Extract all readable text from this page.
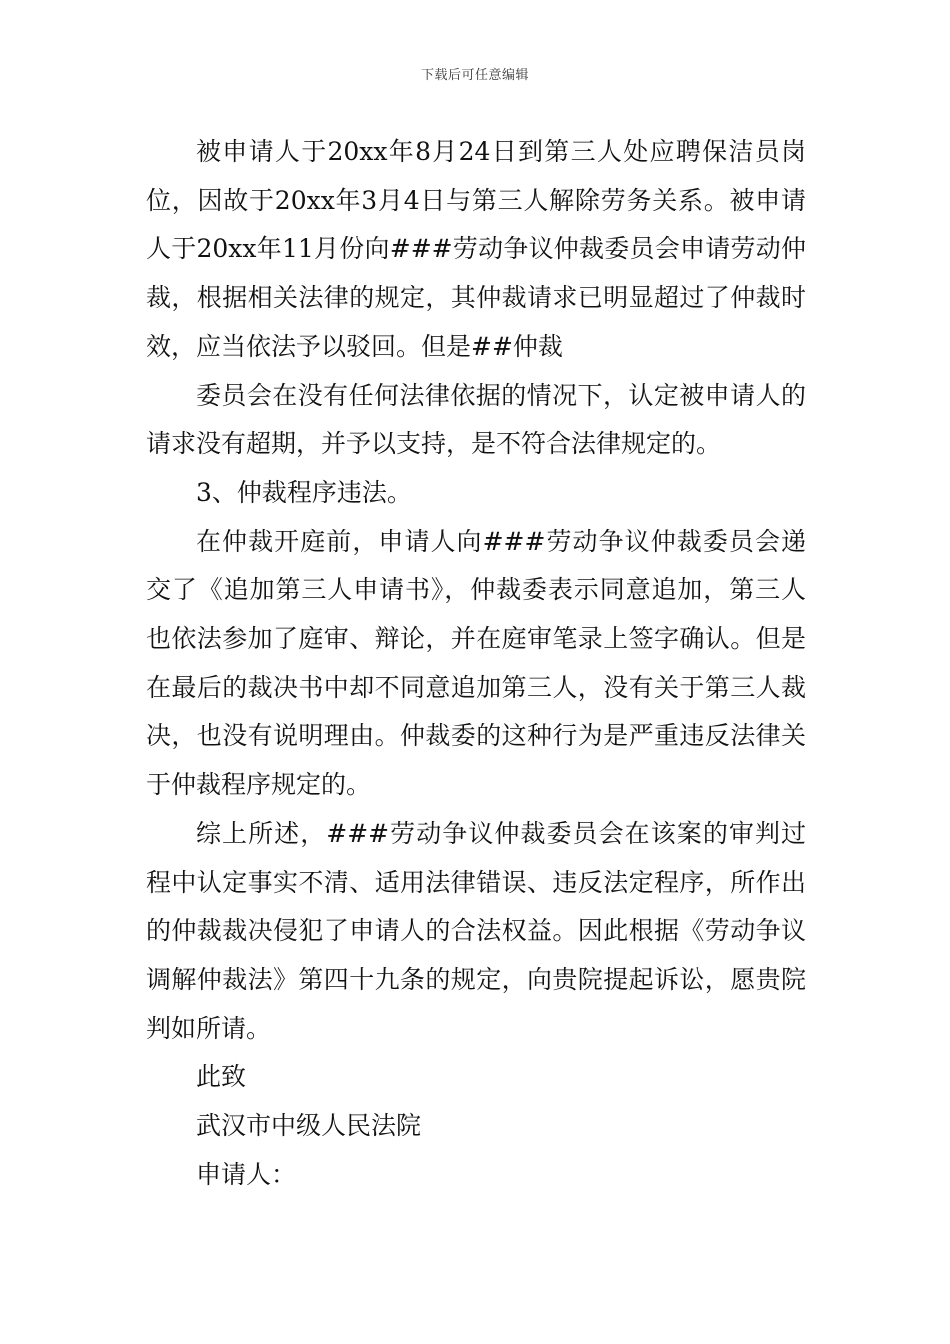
下载后可任意编辑

被申请人于20xx年8月24日到第三人处应聘保洁员岗位，因故于20xx年3月4日与第三人解除劳务关系。被申请人于20xx年11月份向###劳动争议仲裁委员会申请劳动仲裁，根据相关法律的规定，其仲裁请求已明显超过了仲裁时效，应当依法予以驳回。但是##仲裁

委员会在没有任何法律依据的情况下，认定被申请人的请求没有超期，并予以支持，是不符合法律规定的。

3、仲裁程序违法。

在仲裁开庭前，申请人向###劳动争议仲裁委员会递交了《追加第三人申请书》，仲裁委表示同意追加，第三人也依法参加了庭审、辩论，并在庭审笔录上签字确认。但是在最后的裁决书中却不同意追加第三人，没有关于第三人裁决，也没有说明理由。仲裁委的这种行为是严重违反法律关于仲裁程序规定的。

综上所述，###劳动争议仲裁委员会在该案的审判过程中认定事实不清、适用法律错误、违反法定程序，所作出的仲裁裁决侵犯了申请人的合法权益。因此根据《劳动争议调解仲裁法》第四十九条的规定，向贵院提起诉讼，愿贵院判如所请。

此致

武汉市中级人民法院

申请人：
